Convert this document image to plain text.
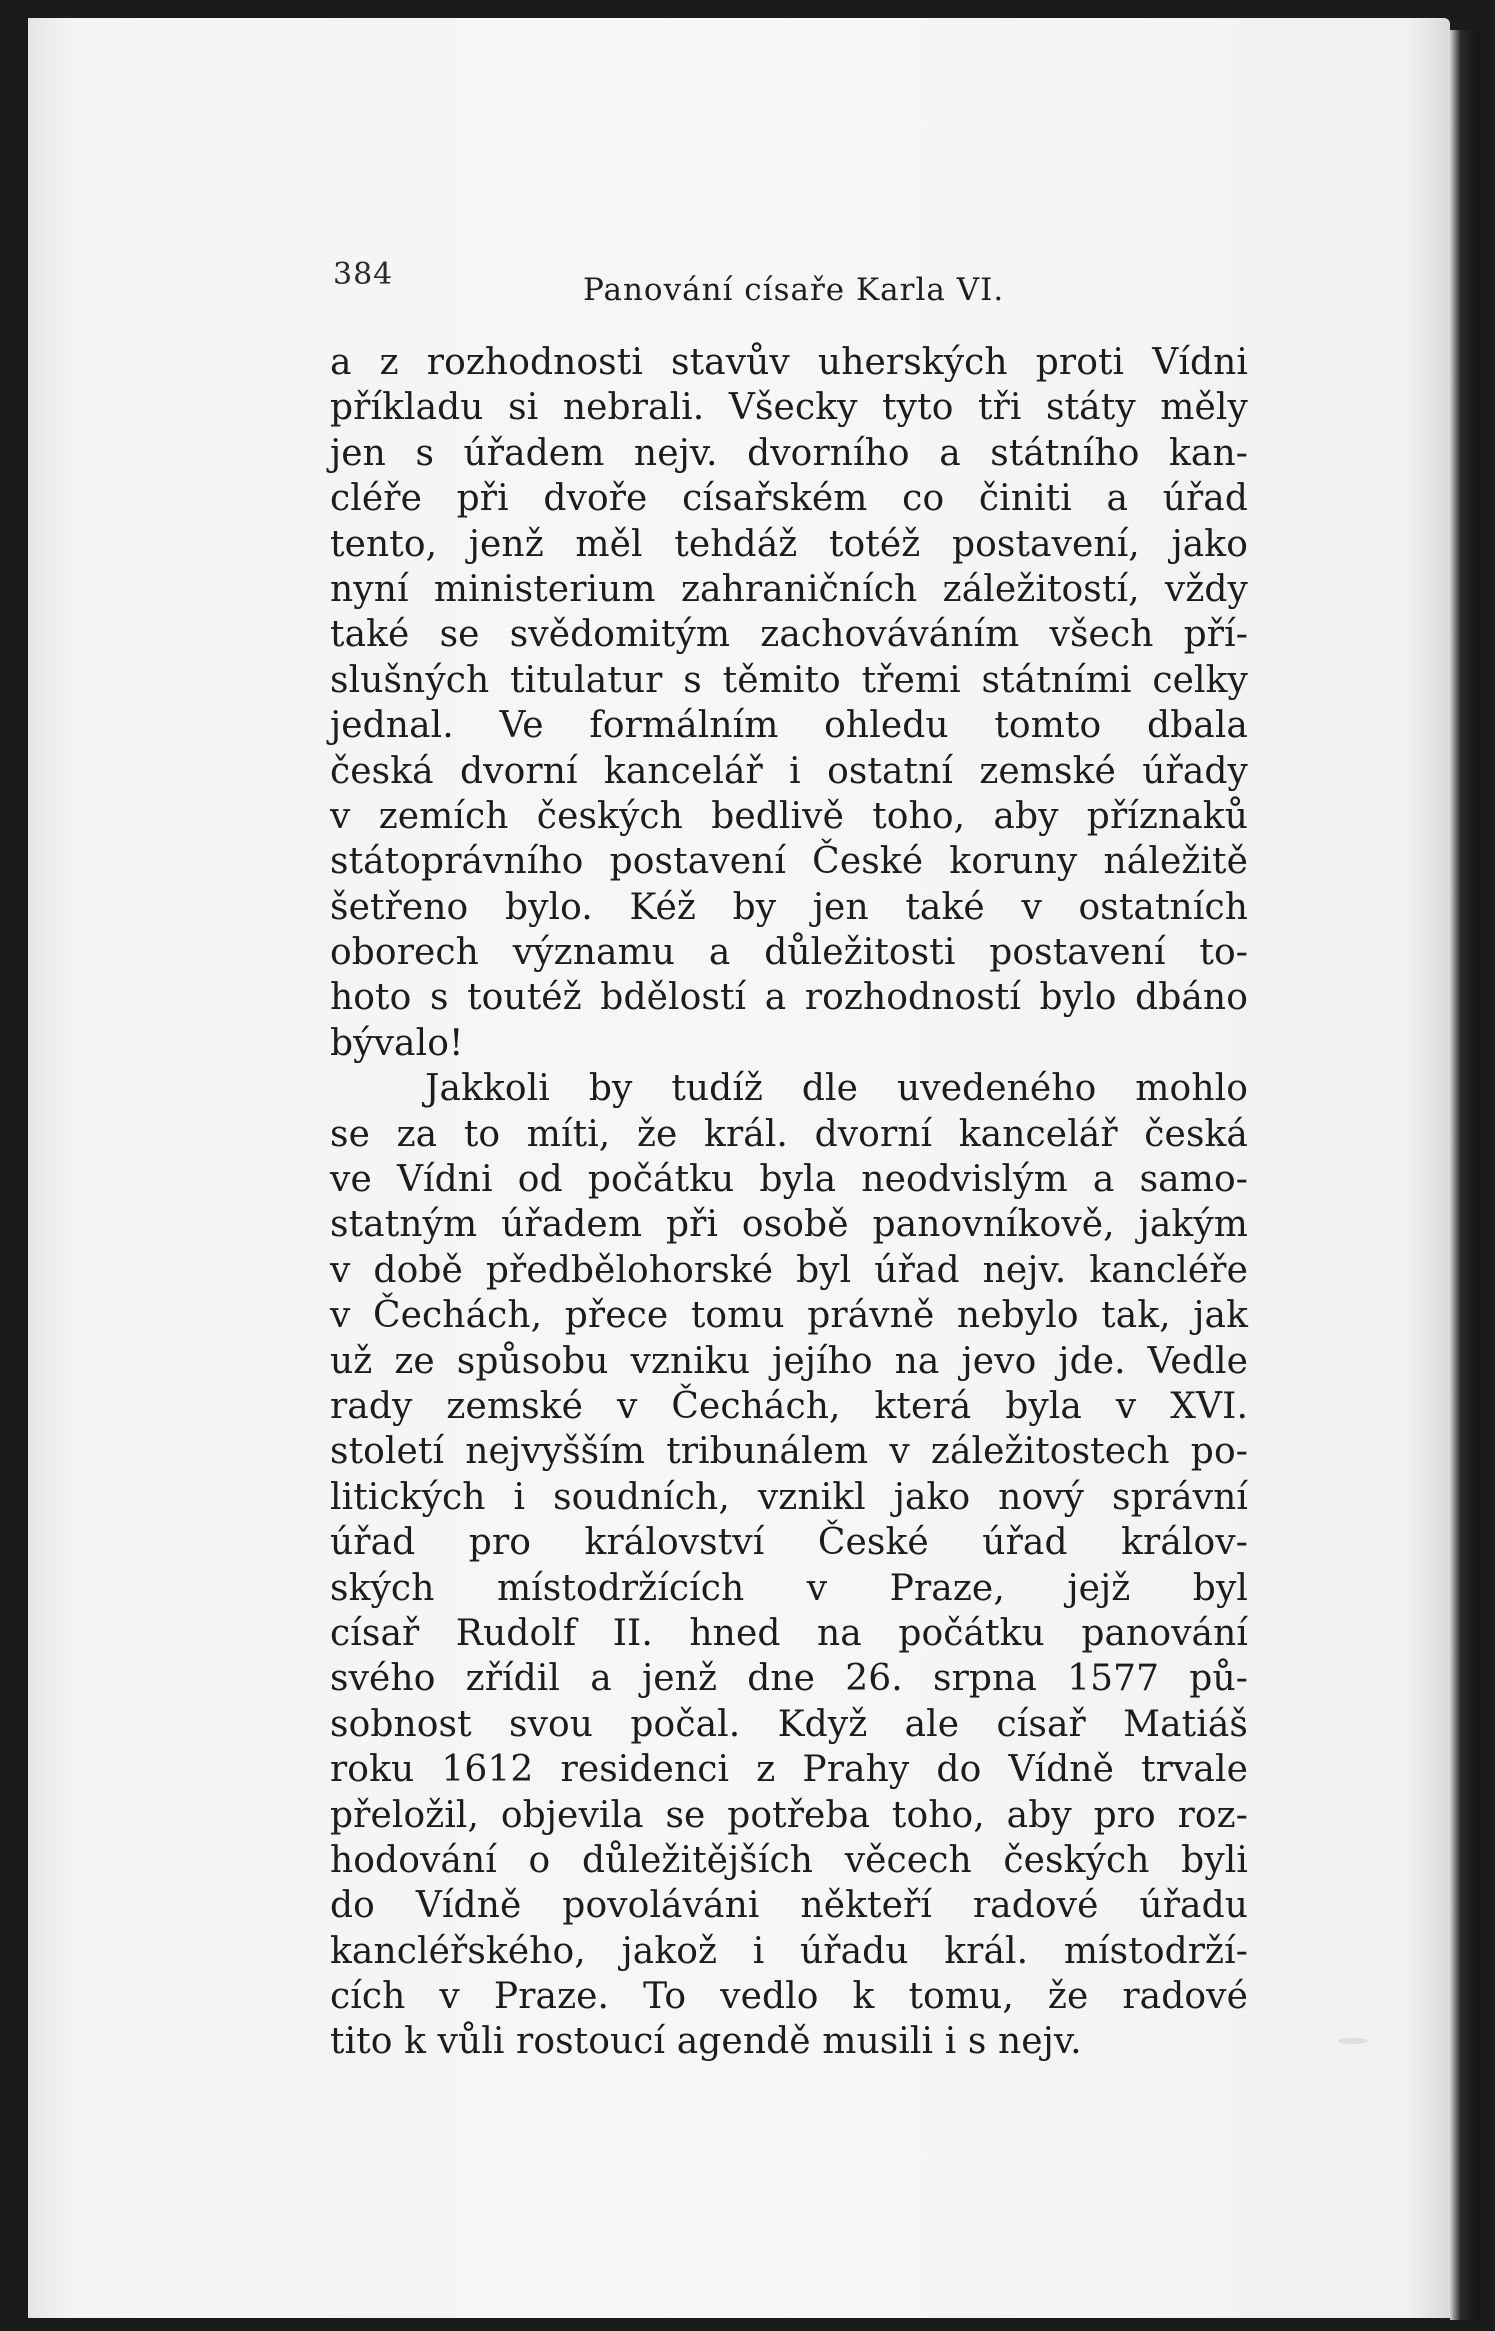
384	Panování císaře Karla VI.
a z rozhodnosti stavův uherských proti Vídni
příkladu si nebrali. Všecky tyto tři státy měly
jen s úřadem nejv. dvorního a státního kan-
cléře při dvoře císařském co činiti a úřad
tento, jenž měl tehdáž totéž postavení, jako
nyní ministerium zahraničních záležitostí, vždy
také se svědomitým zachováváním všech pří-
slušných titulatur s těmito třemi státními celky
jednal. Ve formálním ohledu tomto dbala
česká dvorní kancelář i ostatní zemské úřady
v zemích českých bedlivě toho, aby příznaků
státoprávního postavení České koruny náležitě
šetřeno bylo. Kéž by jen také v ostatních
oborech významu a důležitosti postavení to-
hoto s toutéž bdělostí a rozhodností bylo dbáno
bývalo!
Jakkoli by tudíž dle uvedeného mohlo
se za to míti, že král. dvorní kancelář česká
ve Vídni od počátku byla neodvislým a samo-
statným úřadem při osobě panovníkově, jakým
v době předbělohorské byl úřad nejv. kancléře
v Čechách, přece tomu právně nebylo tak, jak
už ze spůsobu vzniku jejího na jevo jde. Vedle
rady zemské v Čechách, která byla v XVI.
století nejvyšším tribunálem v záležitostech po-
litických i soudních, vznikl jako nový správní
úřad pro království České úřad králov-
ských místodržících v Praze, jejž byl
císař Rudolf II. hned na počátku panování
svého zřídil a jenž dne 26. srpna 1577 pů-
sobnost svou počal. Když ale císař Matiáš
roku 1612 residenci z Prahy do Vídně trvale
přeložil, objevila se potřeba toho, aby pro roz-
hodování o důležitějších věcech českých byli
do Vídně povoláváni někteří radové úřadu
kancléřského, jakož i úřadu král. místodrží-
cích v Praze. To vedlo k tomu, že radové
tito k vůli rostoucí agendě musili i s nejv.
